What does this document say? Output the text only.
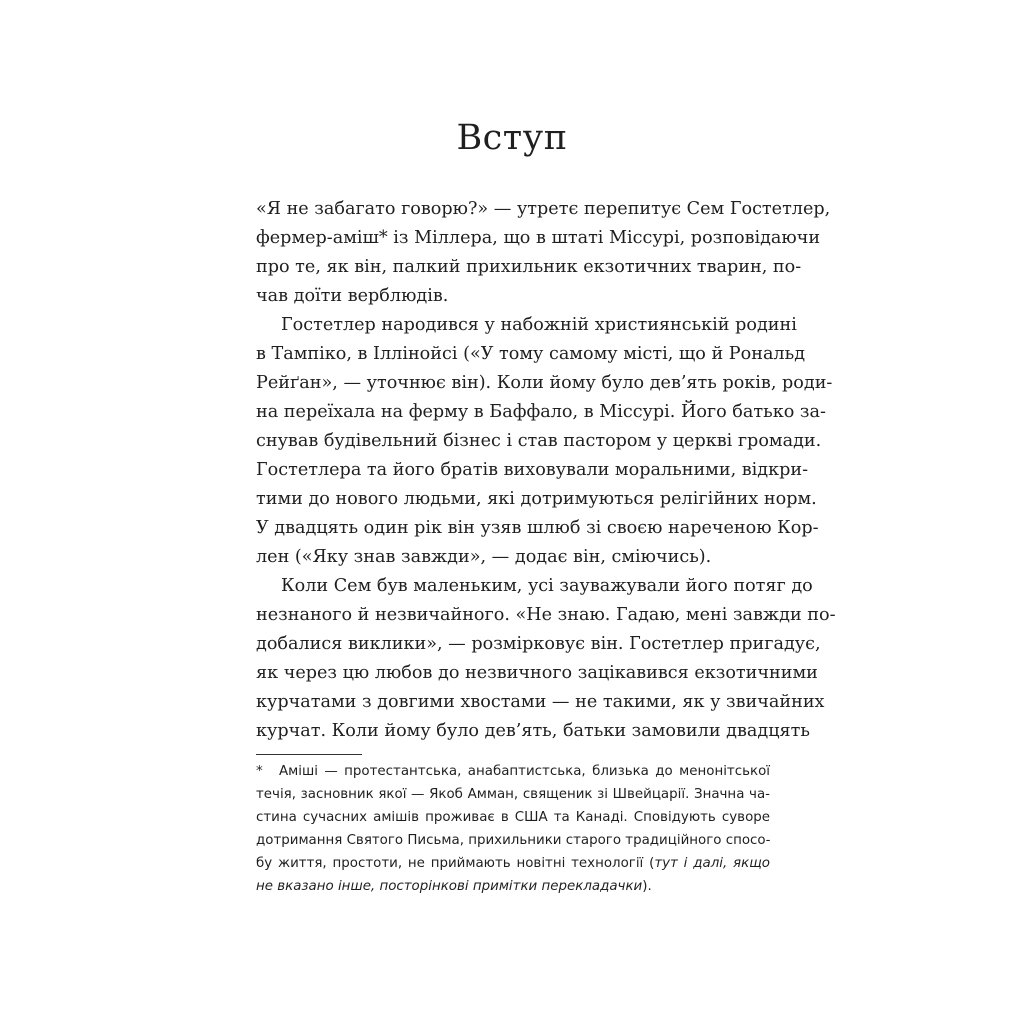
Вступ
«Я не забагато говорю?» — утретє перепитує Сем Гостетлер,
фермер-аміш* із Міллера, що в штаті Міссурі, розповідаючи
про те, як він, палкий прихильник екзотичних тварин, по-
чав доїти верблюдів.
Гостетлер народився у набожній християнській родині
в Тампіко, в Іллінойсі («У тому самому місті, що й Рональд
Рейґан», — уточнює він). Коли йому було дев’ять років, роди-
на переїхала на ферму в Баффало, в Міссурі. Його батько за-
снував будівельний бізнес і став пастором у церкві громади.
Гостетлера та його братів виховували моральними, відкри-
тими до нового людьми, які дотримуються релігійних норм.
У двадцять один рік він узяв шлюб зі своєю нареченою Кор-
лен («Яку знав завжди», — додає він, сміючись).
Коли Сем був маленьким, усі зауважували його потяг до
незнаного й незвичайного. «Не знаю. Гадаю, мені завжди по-
добалися виклики», — розмірковує він. Гостетлер пригадує,
як через цю любов до незвичного зацікавився екзотичними
курчатами з довгими хвостами — не такими, як у звичайних
курчат. Коли йому було дев’ять, батьки замовили двадцять
* Аміші — протестантська, анабаптистська, близька до менонітської
течія, засновник якої — Якоб Амман, священик зі Швейцарії. Значна ча-
стина сучасних амішів проживає в США та Канаді. Сповідують суворе
дотримання Святого Письма, прихильники старого традиційного спосо-
бу життя, простоти, не приймають новітні технології (тут і далі, якщо
не вказано інше, посторінкові примітки перекладачки).
